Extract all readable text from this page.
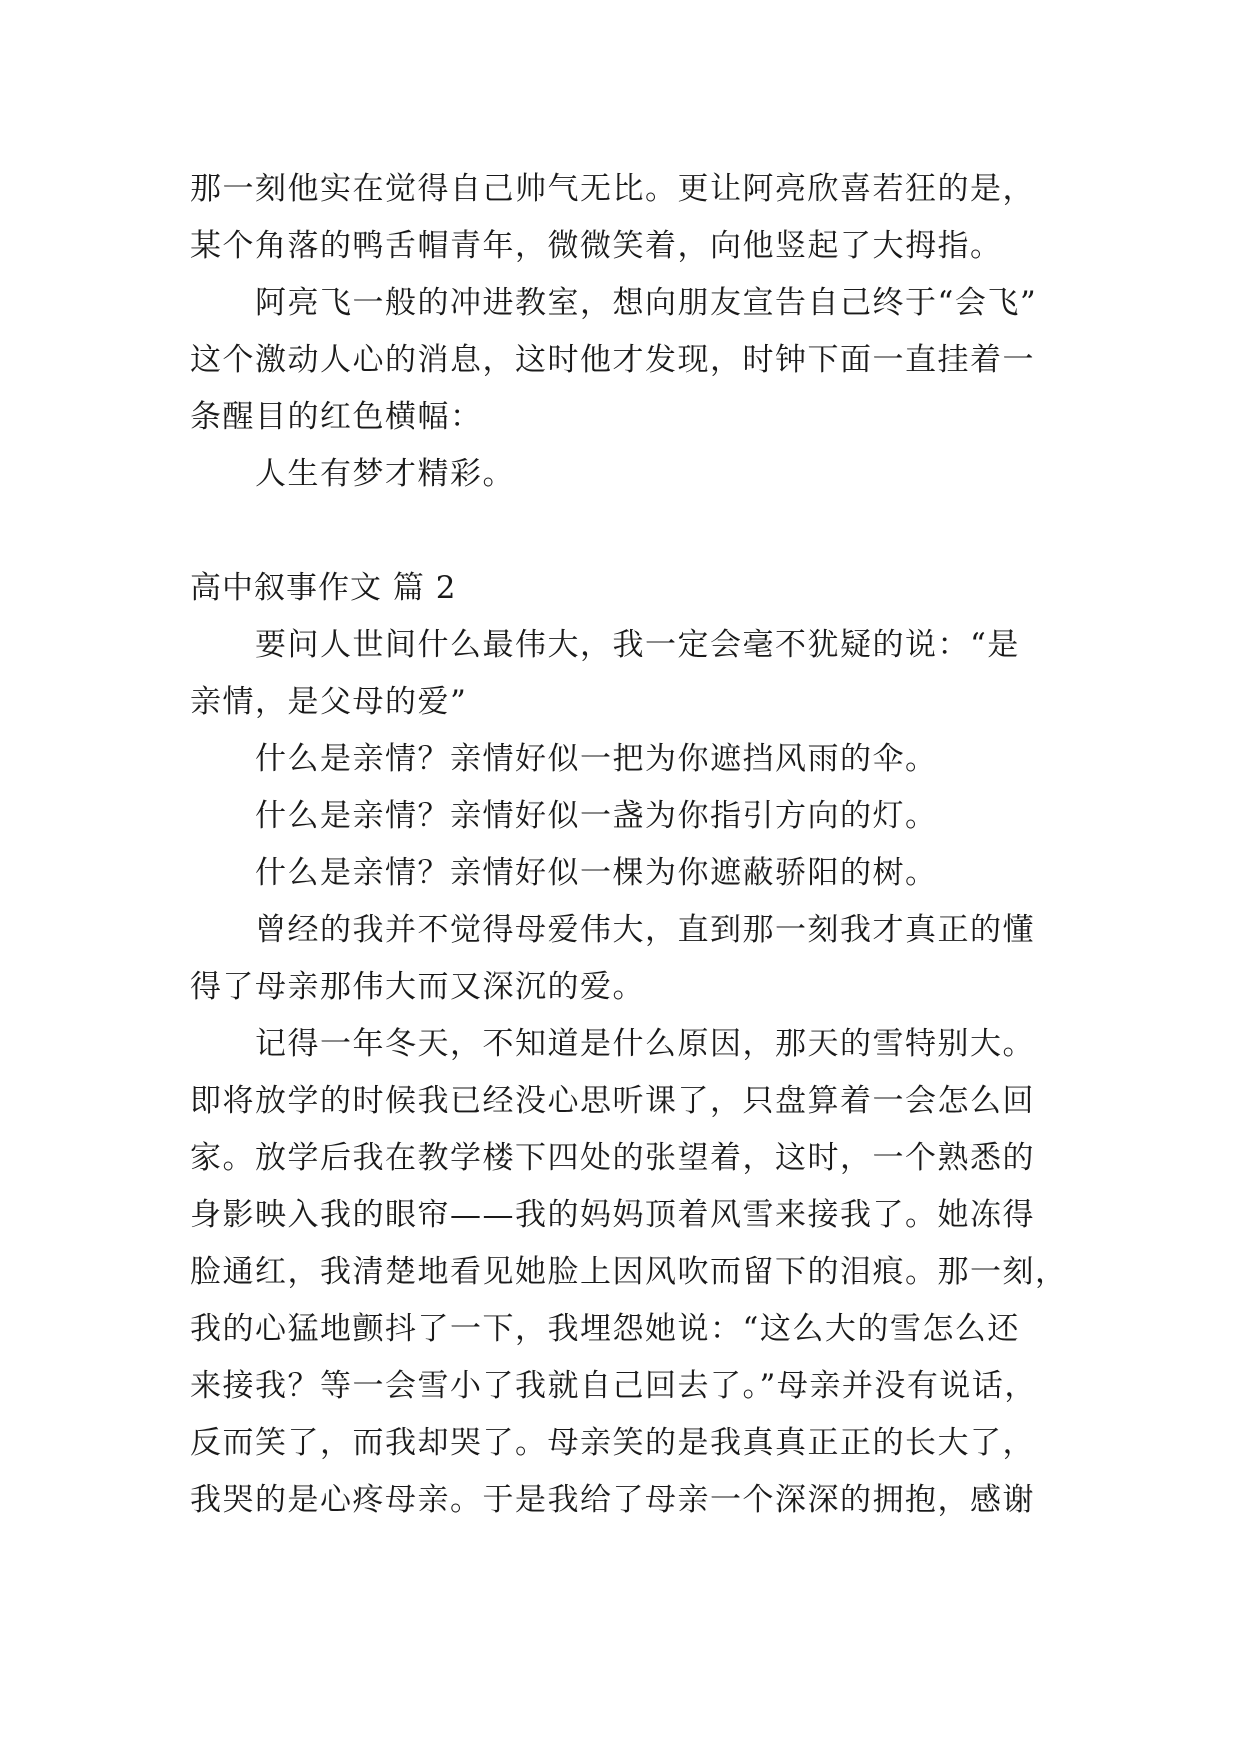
那一刻他实在觉得自己帅气无比。更让阿亮欣喜若狂的是，
某个角落的鸭舌帽青年，微微笑着，向他竖起了大拇指。
阿亮飞一般的冲进教室，想向朋友宣告自己终于“会飞”
这个激动人心的消息，这时他才发现，时钟下面一直挂着一
条醒目的红色横幅：
人生有梦才精彩。
高中叙事作文 篇 2
要问人世间什么最伟大，我一定会毫不犹疑的说：“是
亲情，是父母的爱”
什么是亲情？亲情好似一把为你遮挡风雨的伞。
什么是亲情？亲情好似一盏为你指引方向的灯。
什么是亲情？亲情好似一棵为你遮蔽骄阳的树。
曾经的我并不觉得母爱伟大，直到那一刻我才真正的懂
得了母亲那伟大而又深沉的爱。
记得一年冬天，不知道是什么原因，那天的雪特别大。
即将放学的时候我已经没心思听课了，只盘算着一会怎么回
家。放学后我在教学楼下四处的张望着，这时，一个熟悉的
身影映入我的眼帘——我的妈妈顶着风雪来接我了。她冻得
脸通红，我清楚地看见她脸上因风吹而留下的泪痕。那一刻，
我的心猛地颤抖了一下，我埋怨她说：“这么大的雪怎么还
来接我？等一会雪小了我就自己回去了。”母亲并没有说话，
反而笑了，而我却哭了。母亲笑的是我真真正正的长大了，
我哭的是心疼母亲。于是我给了母亲一个深深的拥抱，感谢
